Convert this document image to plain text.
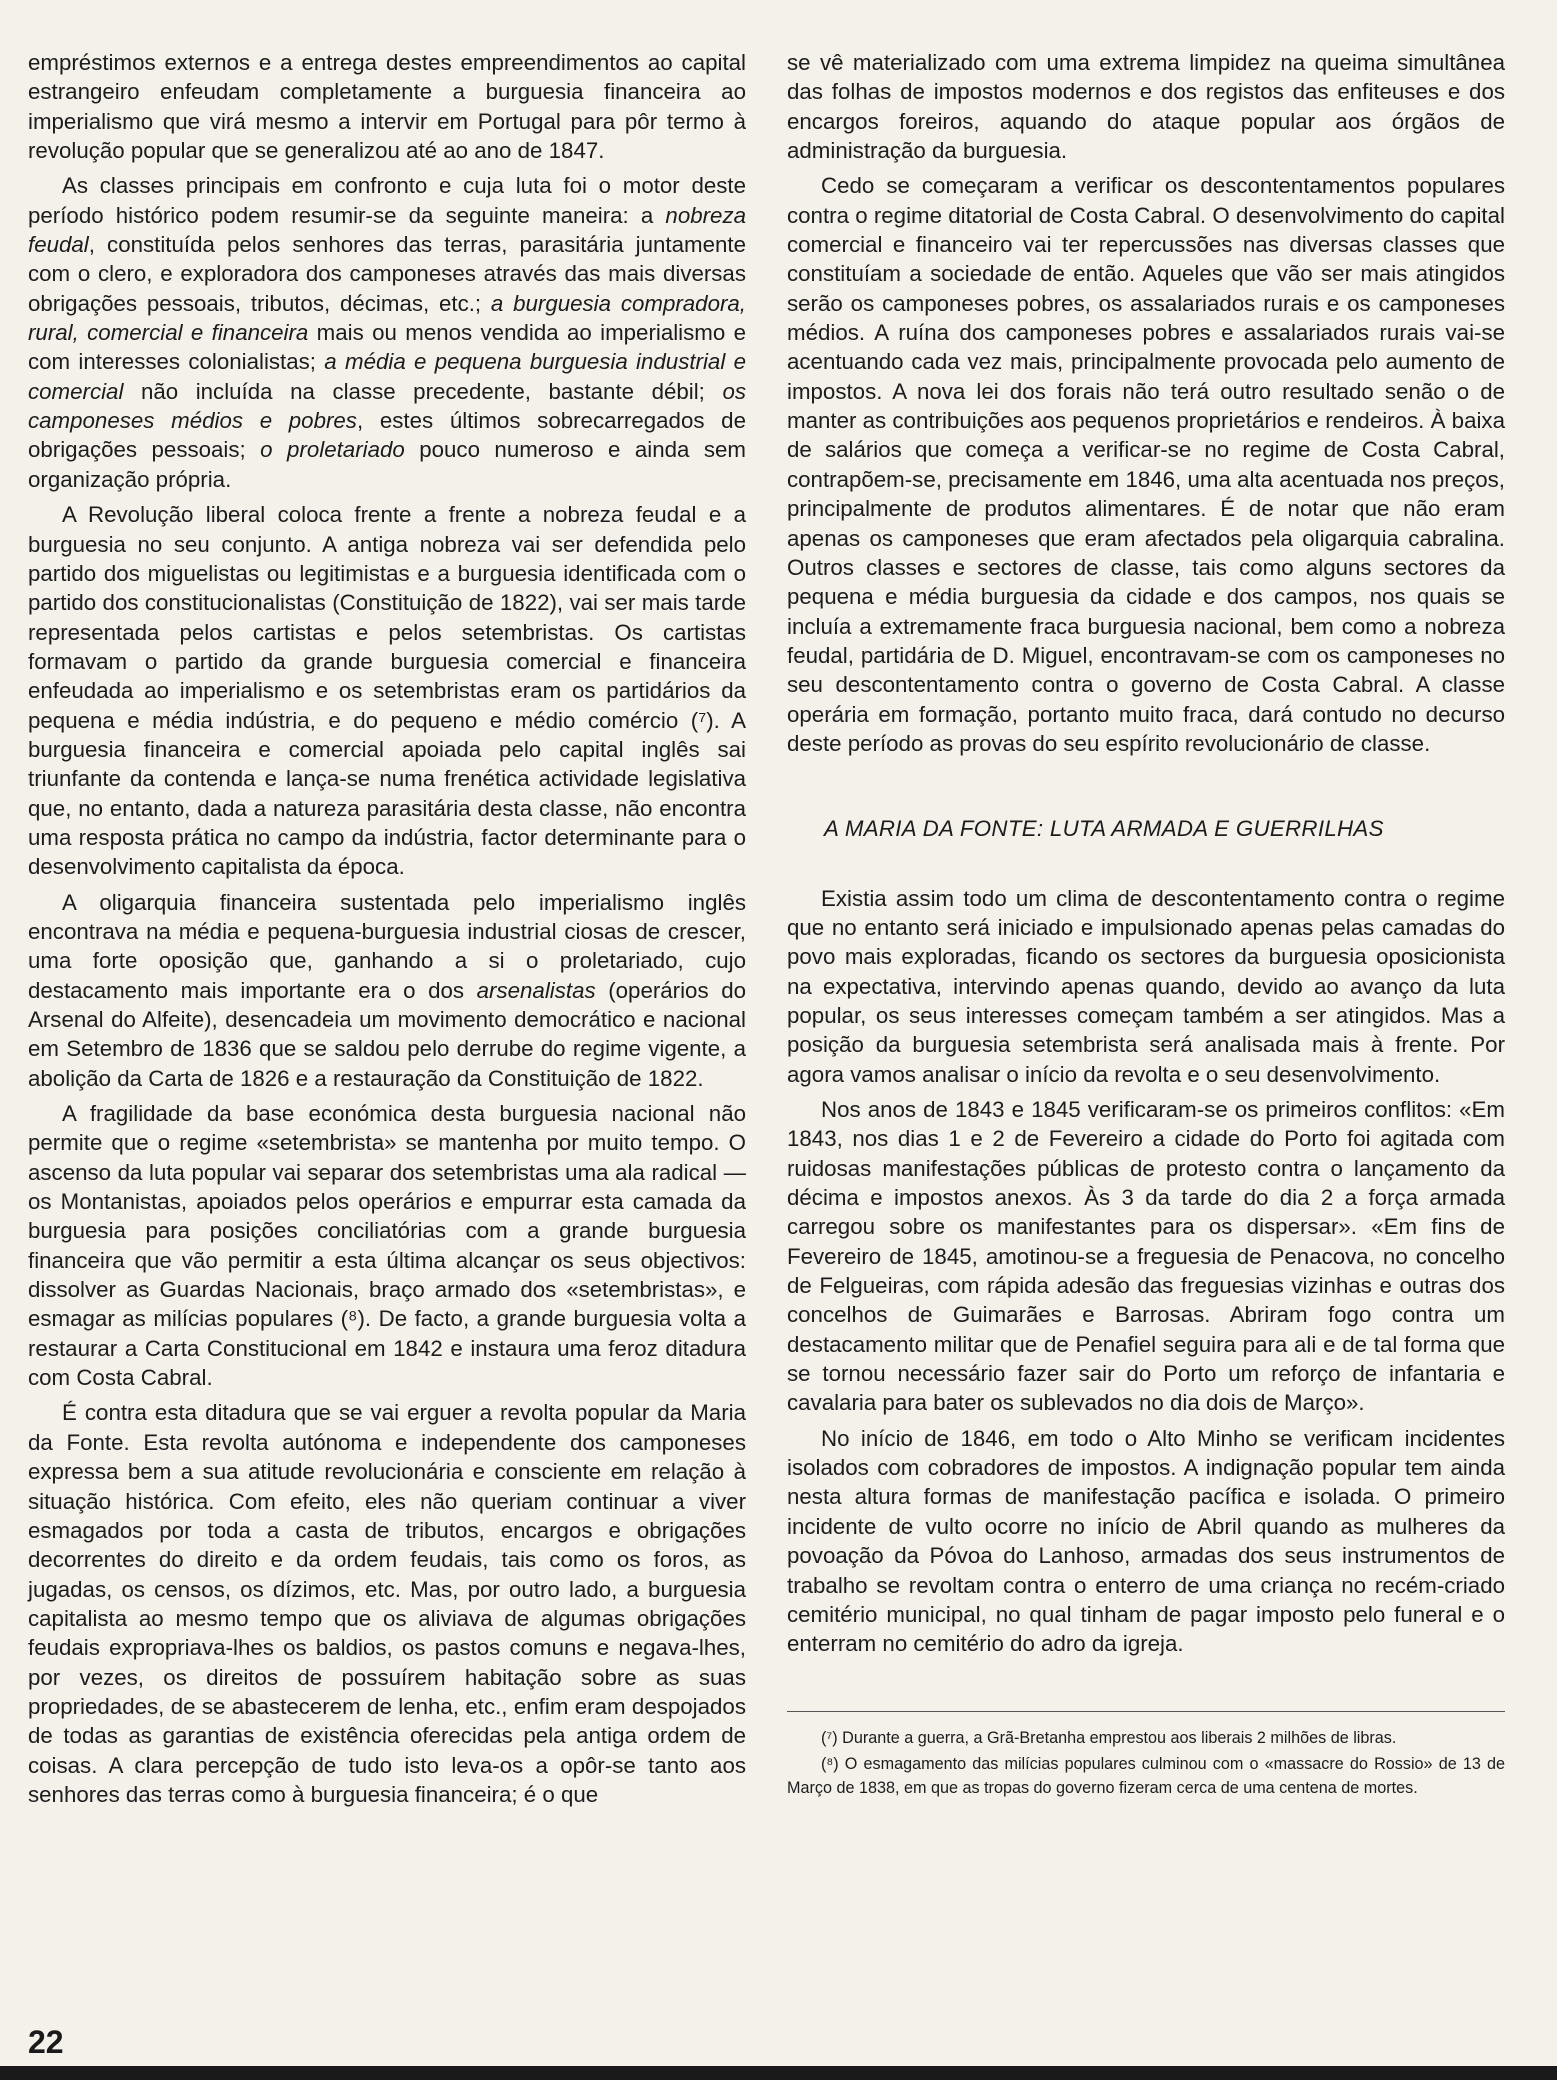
empréstimos externos e a entrega destes empreendimentos ao capital estrangeiro enfeudam completamente a burguesia financeira ao imperialismo que virá mesmo a intervir em Portugal para pôr termo à revolução popular que se generalizou até ao ano de 1847.

As classes principais em confronto e cuja luta foi o motor deste período histórico podem resumir-se da seguinte maneira: a nobreza feudal, constituída pelos senhores das terras, parasitária juntamente com o clero, e exploradora dos camponeses através das mais diversas obrigações pessoais, tributos, décimas, etc.; a burguesia compradora, rural, comercial e financeira mais ou menos vendida ao imperialismo e com interesses colonialistas; a média e pequena burguesia industrial e comercial não incluída na classe precedente, bastante débil; os camponeses médios e pobres, estes últimos sobrecarregados de obrigações pessoais; o proletariado pouco numeroso e ainda sem organização própria.

A Revolução liberal coloca frente a frente a nobreza feudal e a burguesia no seu conjunto. A antiga nobreza vai ser defendida pelo partido dos miguelistas ou legitimistas e a burguesia identificada com o partido dos constitucionalistas (Constituição de 1822), vai ser mais tarde representada pelos cartistas e pelos setembristas. Os cartistas formavam o partido da grande burguesia comercial e financeira enfeudada ao imperialismo e os setembristas eram os partidários da pequena e média indústria, e do pequeno e médio comércio (⁷). A burguesia financeira e comercial apoiada pelo capital inglês sai triunfante da contenda e lança-se numa frenética actividade legislativa que, no entanto, dada a natureza parasitária desta classe, não encontra uma resposta prática no campo da indústria, factor determinante para o desenvolvimento capitalista da época.

A oligarquia financeira sustentada pelo imperialismo inglês encontrava na média e pequena-burguesia industrial ciosas de crescer, uma forte oposição que, ganhando a si o proletariado, cujo destacamento mais importante era o dos arsenalistas (operários do Arsenal do Alfeite), desencadeia um movimento democrático e nacional em Setembro de 1836 que se saldou pelo derrube do regime vigente, a abolição da Carta de 1826 e a restauração da Constituição de 1822.

A fragilidade da base económica desta burguesia nacional não permite que o regime «setembrista» se mantenha por muito tempo. O ascenso da luta popular vai separar dos setembristas uma ala radical — os Montanistas, apoiados pelos operários e empurrar esta camada da burguesia para posições conciliatórias com a grande burguesia financeira que vão permitir a esta última alcançar os seus objectivos: dissolver as Guardas Nacionais, braço armado dos «setembristas», e esmagar as milícias populares (⁸). De facto, a grande burguesia volta a restaurar a Carta Constitucional em 1842 e instaura uma feroz ditadura com Costa Cabral.

É contra esta ditadura que se vai erguer a revolta popular da Maria da Fonte. Esta revolta autónoma e independente dos camponeses expressa bem a sua atitude revolucionária e consciente em relação à situação histórica. Com efeito, eles não queriam continuar a viver esmagados por toda a casta de tributos, encargos e obrigações decorrentes do direito e da ordem feudais, tais como os foros, as jugadas, os censos, os dízimos, etc. Mas, por outro lado, a burguesia capitalista ao mesmo tempo que os aliviava de algumas obrigações feudais expropriava-lhes os baldios, os pastos comuns e negava-lhes, por vezes, os direitos de possuírem habitação sobre as suas propriedades, de se abastecerem de lenha, etc., enfim eram despojados de todas as garantias de existência oferecidas pela antiga ordem de coisas. A clara percepção de tudo isto leva-os a opôr-se tanto aos senhores das terras como à burguesia financeira; é o que

se vê materializado com uma extrema limpidez na queima simultânea das folhas de impostos modernos e dos registos das enfiteuses e dos encargos foreiros, aquando do ataque popular aos órgãos de administração da burguesia.

Cedo se começaram a verificar os descontentamentos populares contra o regime ditatorial de Costa Cabral. O desenvolvimento do capital comercial e financeiro vai ter repercussões nas diversas classes que constituíam a sociedade de então. Aqueles que vão ser mais atingidos serão os camponeses pobres, os assalariados rurais e os camponeses médios. A ruína dos camponeses pobres e assalariados rurais vai-se acentuando cada vez mais, principalmente provocada pelo aumento de impostos. A nova lei dos forais não terá outro resultado senão o de manter as contribuições aos pequenos proprietários e rendeiros. À baixa de salários que começa a verificar-se no regime de Costa Cabral, contrapõem-se, precisamente em 1846, uma alta acentuada nos preços, principalmente de produtos alimentares. É de notar que não eram apenas os camponeses que eram afectados pela oligarquia cabralina. Outros classes e sectores de classe, tais como alguns sectores da pequena e média burguesia da cidade e dos campos, nos quais se incluía a extremamente fraca burguesia nacional, bem como a nobreza feudal, partidária de D. Miguel, encontravam-se com os camponeses no seu descontentamento contra o governo de Costa Cabral. A classe operária em formação, portanto muito fraca, dará contudo no decurso deste período as provas do seu espírito revolucionário de classe.

A MARIA DA FONTE: LUTA ARMADA E GUERRILHAS

Existia assim todo um clima de descontentamento contra o regime que no entanto será iniciado e impulsionado apenas pelas camadas do povo mais exploradas, ficando os sectores da burguesia oposicionista na expectativa, intervindo apenas quando, devido ao avanço da luta popular, os seus interesses começam também a ser atingidos. Mas a posição da burguesia setembrista será analisada mais à frente. Por agora vamos analisar o início da revolta e o seu desenvolvimento.

Nos anos de 1843 e 1845 verificaram-se os primeiros conflitos: «Em 1843, nos dias 1 e 2 de Fevereiro a cidade do Porto foi agitada com ruidosas manifestações públicas de protesto contra o lançamento da décima e impostos anexos. Às 3 da tarde do dia 2 a força armada carregou sobre os manifestantes para os dispersar». «Em fins de Fevereiro de 1845, amotinou-se a freguesia de Penacova, no concelho de Felgueiras, com rápida adesão das freguesias vizinhas e outras dos concelhos de Guimarães e Barrosas. Abriram fogo contra um destacamento militar que de Penafiel seguira para ali e de tal forma que se tornou necessário fazer sair do Porto um reforço de infantaria e cavalaria para bater os sublevados no dia dois de Março».

No início de 1846, em todo o Alto Minho se verificam incidentes isolados com cobradores de impostos. A indignação popular tem ainda nesta altura formas de manifestação pacífica e isolada. O primeiro incidente de vulto ocorre no início de Abril quando as mulheres da povoação da Póvoa do Lanhoso, armadas dos seus instrumentos de trabalho se revoltam contra o enterro de uma criança no recém-criado cemitério municipal, no qual tinham de pagar imposto pelo funeral e o enterram no cemitério do adro da igreja.

(⁷) Durante a guerra, a Grã-Bretanha emprestou aos liberais 2 milhões de libras.

(⁸) O esmagamento das milícias populares culminou com o «massacre do Rossio» de 13 de Março de 1838, em que as tropas do governo fizeram cerca de uma centena de mortes.

22
